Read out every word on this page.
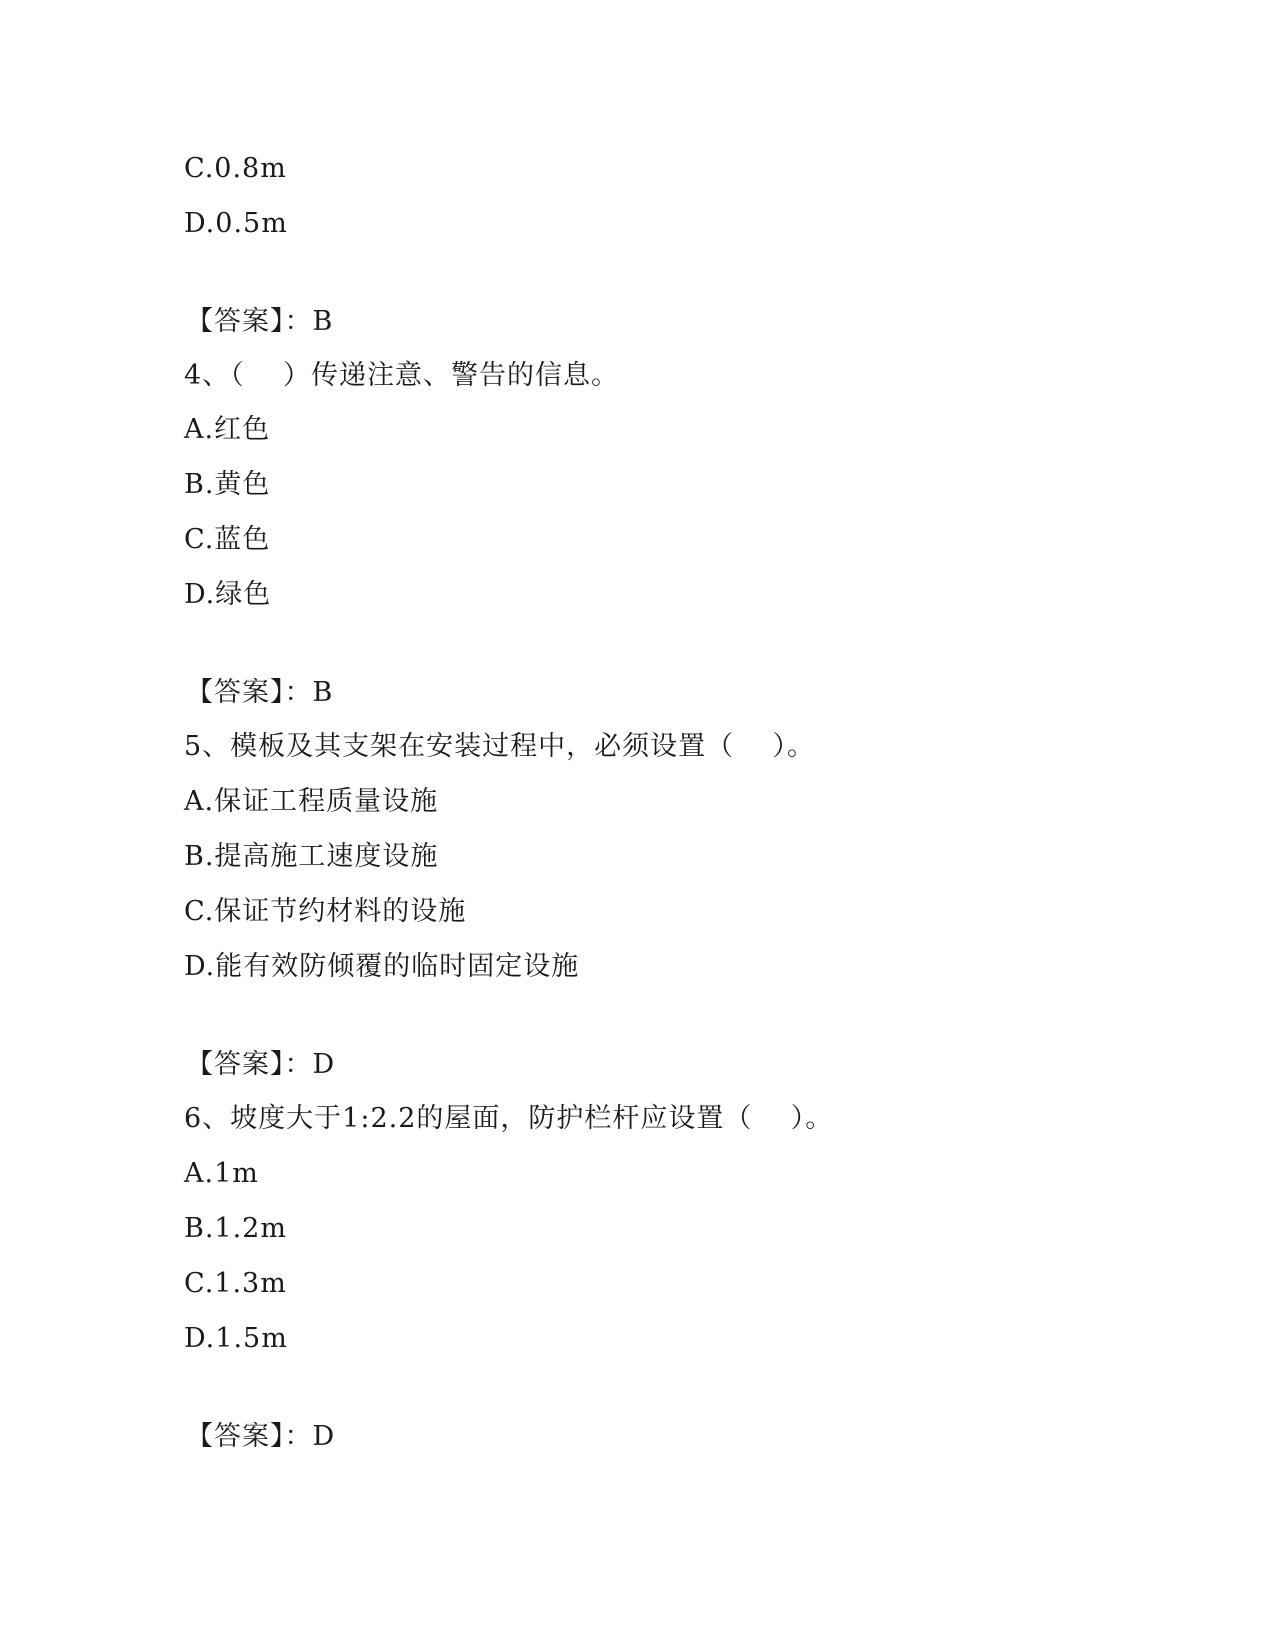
C.0.8m
D.0.5m
【答案】：B
4、（    ）传递注意、警告的信息。
A.红色
B.黄色
C.蓝色
D.绿色
【答案】：B
5、模板及其支架在安装过程中，必须设置（    ）。
A.保证工程质量设施
B.提高施工速度设施
C.保证节约材料的设施
D.能有效防倾覆的临时固定设施
【答案】：D
6、坡度大于1:2.2的屋面，防护栏杆应设置（    ）。
A.1m
B.1.2m
C.1.3m
D.1.5m
【答案】：D
